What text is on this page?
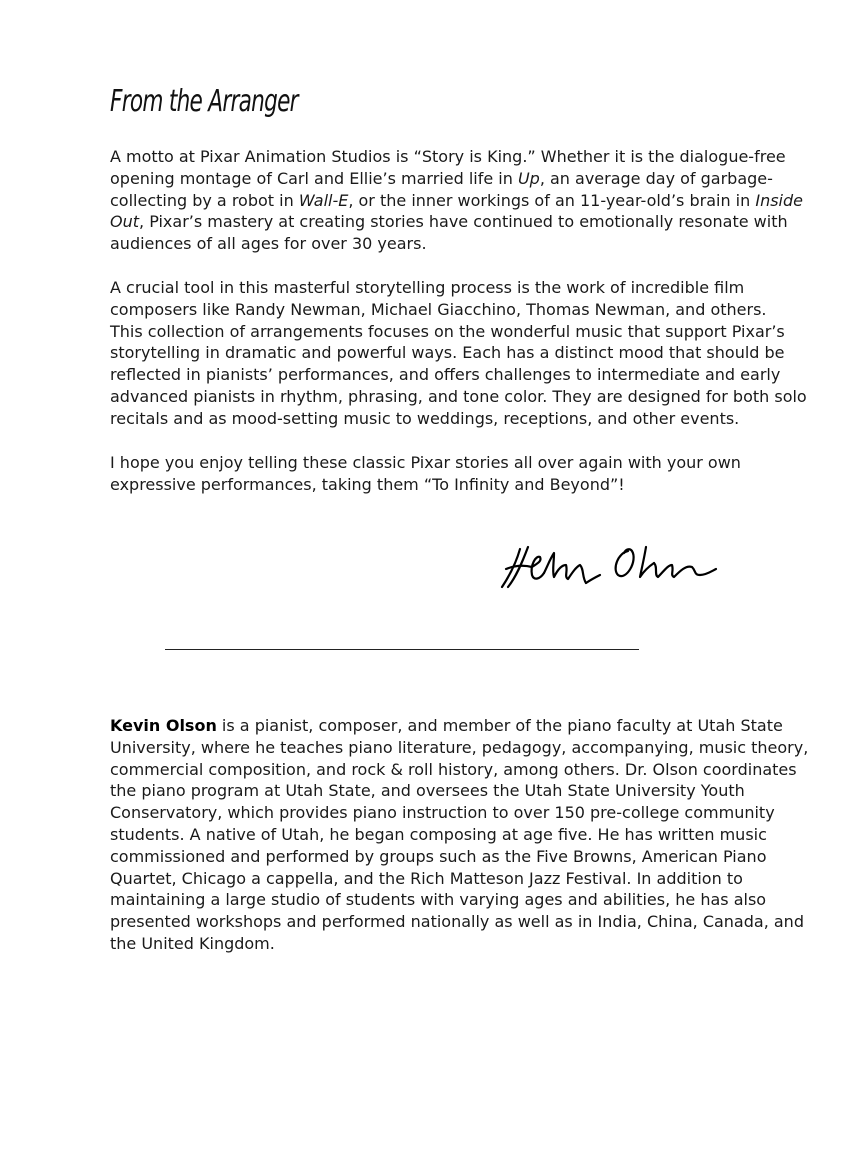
From the Arranger

A motto at Pixar Animation Studios is “Story is King.” Whether it is the dialogue-free
opening montage of Carl and Ellie’s married life in Up, an average day of garbage-
collecting by a robot in Wall-E, or the inner workings of an 11-year-old’s brain in Inside
Out, Pixar’s mastery at creating stories have continued to emotionally resonate with
audiences of all ages for over 30 years.

A crucial tool in this masterful storytelling process is the work of incredible film
composers like Randy Newman, Michael Giacchino, Thomas Newman, and others.
This collection of arrangements focuses on the wonderful music that support Pixar’s
storytelling in dramatic and powerful ways. Each has a distinct mood that should be
reflected in pianists’ performances, and offers challenges to intermediate and early
advanced pianists in rhythm, phrasing, and tone color. They are designed for both solo
recitals and as mood-setting music to weddings, receptions, and other events.

I hope you enjoy telling these classic Pixar stories all over again with your own
expressive performances, taking them “To Infinity and Beyond”!

Kevin Olson is a pianist, composer, and member of the piano faculty at Utah State
University, where he teaches piano literature, pedagogy, accompanying, music theory,
commercial composition, and rock & roll history, among others. Dr. Olson coordinates
the piano program at Utah State, and oversees the Utah State University Youth
Conservatory, which provides piano instruction to over 150 pre-college community
students. A native of Utah, he began composing at age five. He has written music
commissioned and performed by groups such as the Five Browns, American Piano
Quartet, Chicago a cappella, and the Rich Matteson Jazz Festival. In addition to
maintaining a large studio of students with varying ages and abilities, he has also
presented workshops and performed nationally as well as in India, China, Canada, and
the United Kingdom.
